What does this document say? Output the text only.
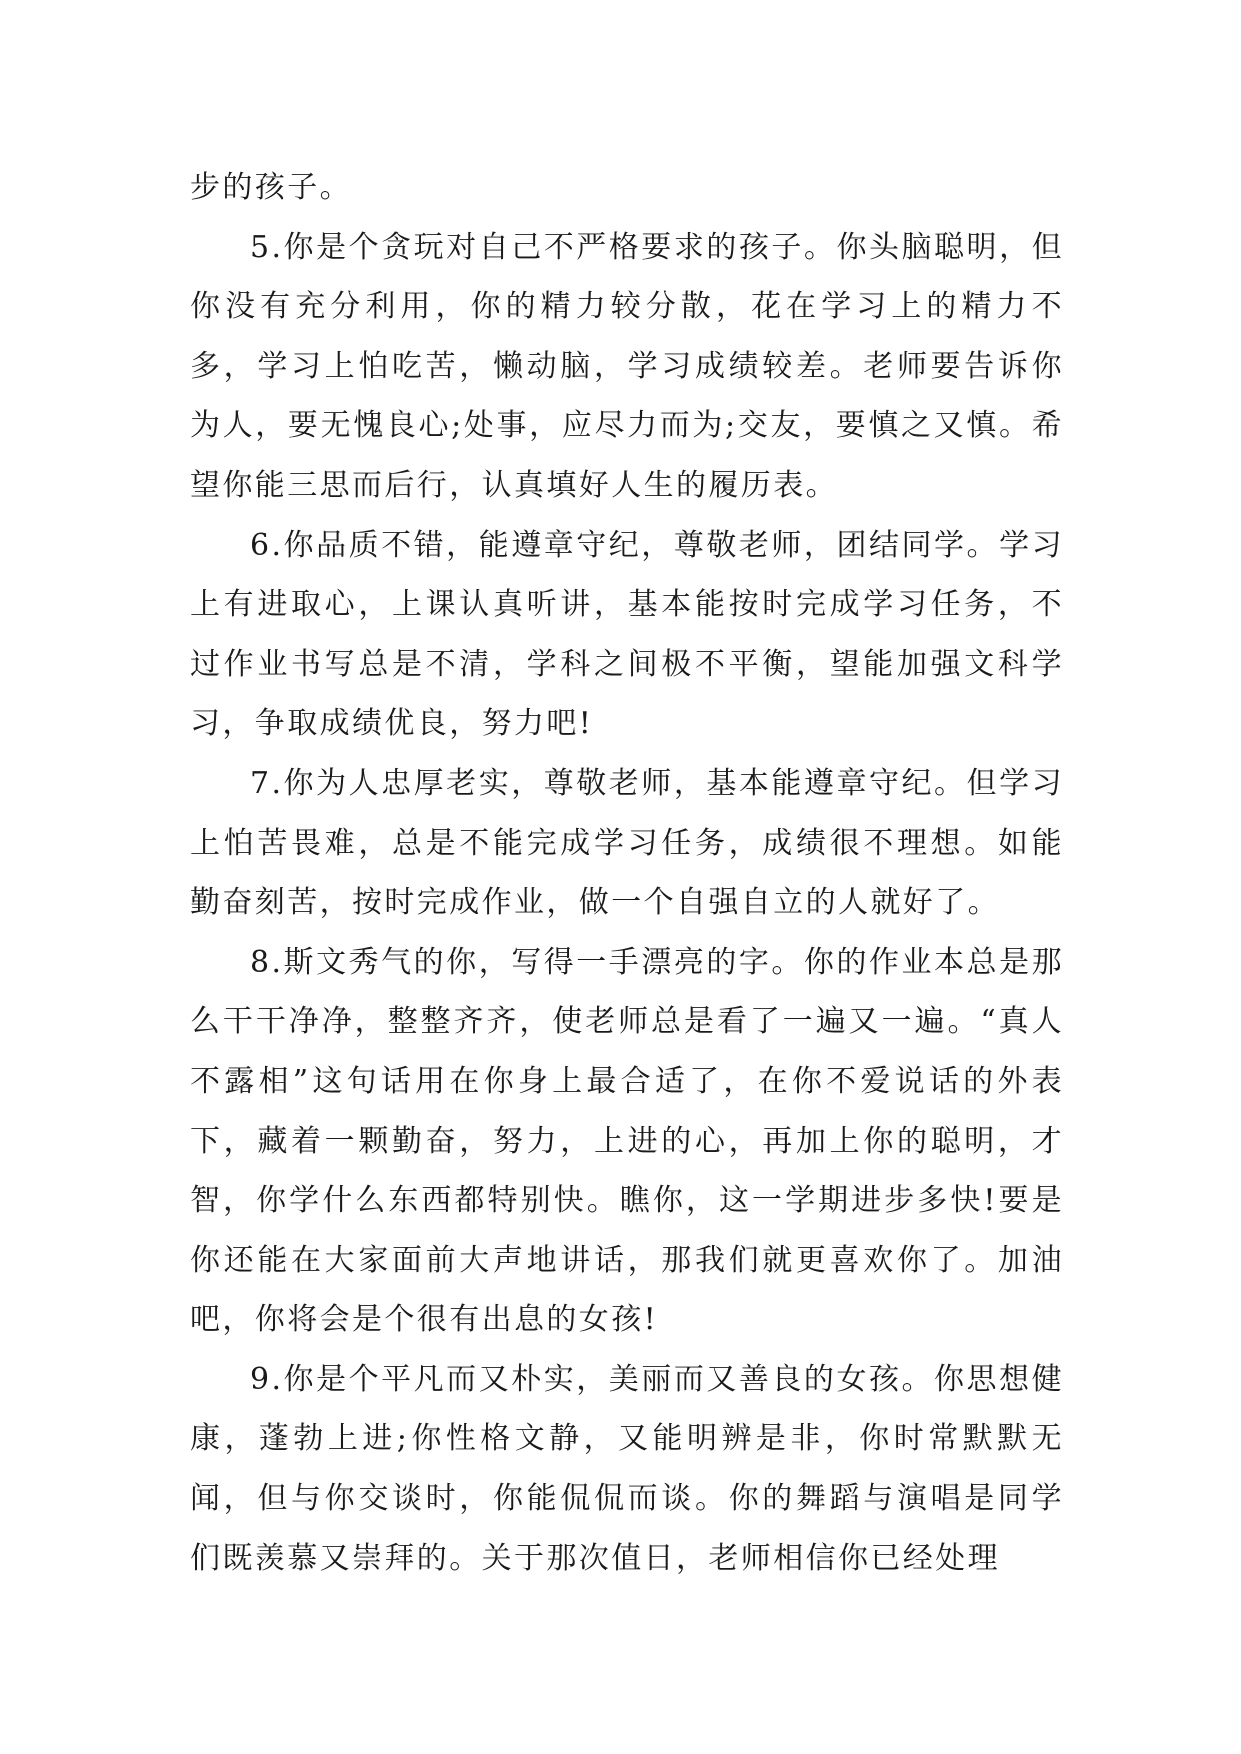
步的孩子。

5.你是个贪玩对自己不严格要求的孩子。你头脑聪明，但你没有充分利用，你的精力较分散，花在学习上的精力不多，学习上怕吃苦，懒动脑，学习成绩较差。老师要告诉你为人，要无愧良心;处事，应尽力而为;交友，要慎之又慎。希望你能三思而后行，认真填好人生的履历表。

6.你品质不错，能遵章守纪，尊敬老师，团结同学。学习上有进取心，上课认真听讲，基本能按时完成学习任务，不过作业书写总是不清，学科之间极不平衡，望能加强文科学习，争取成绩优良，努力吧!

7.你为人忠厚老实，尊敬老师，基本能遵章守纪。但学习上怕苦畏难，总是不能完成学习任务，成绩很不理想。如能勤奋刻苦，按时完成作业，做一个自强自立的人就好了。

8.斯文秀气的你，写得一手漂亮的字。你的作业本总是那么干干净净，整整齐齐，使老师总是看了一遍又一遍。“真人不露相”这句话用在你身上最合适了，在你不爱说话的外表下，藏着一颗勤奋，努力，上进的心，再加上你的聪明，才智，你学什么东西都特别快。瞧你，这一学期进步多快!要是你还能在大家面前大声地讲话，那我们就更喜欢你了。加油吧，你将会是个很有出息的女孩!

9.你是个平凡而又朴实，美丽而又善良的女孩。你思想健康，蓬勃上进;你性格文静，又能明辨是非，你时常默默无闻，但与你交谈时，你能侃侃而谈。你的舞蹈与演唱是同学们既羡慕又崇拜的。关于那次值日，老师相信你已经处理
